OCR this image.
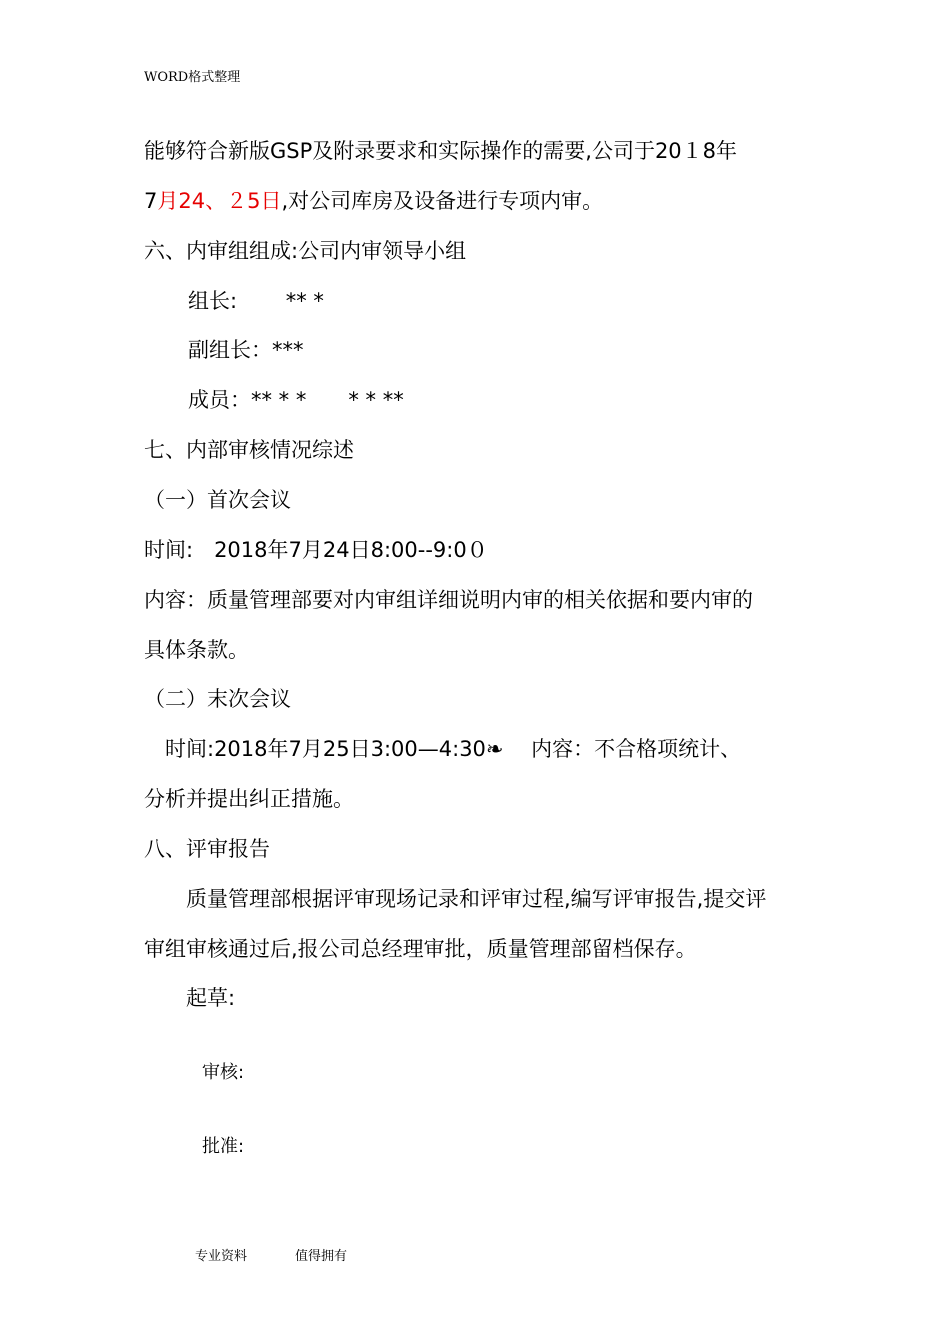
WORD格式整理
能够符合新版GSP及附录要求和实际操作的需要,公司于20１8年
7月24、２5日,对公司库房及设备进行专项内审。
六、内审组组成:公司内审领导小组
组长:　　 ** *
副组长：***
成员：** * *　　* * **
七、内部审核情况综述
（一）首次会议
时间:　2018年7月24日8:00--9:0０
内容：质量管理部要对内审组详细说明内审的相关依据和要内审的
具体条款。
（二）末次会议
　时间:2018年7月25日3:00—4:30❧　 内容：不合格项统计、
分析并提出纠正措施。
八、评审报告
　　质量管理部根据评审现场记录和评审过程,编写评审报告,提交评
审组审核通过后,报公司总经理审批，质量管理部留档保存。
　　起草:
审核:
批准:
专业资料	值得拥有
